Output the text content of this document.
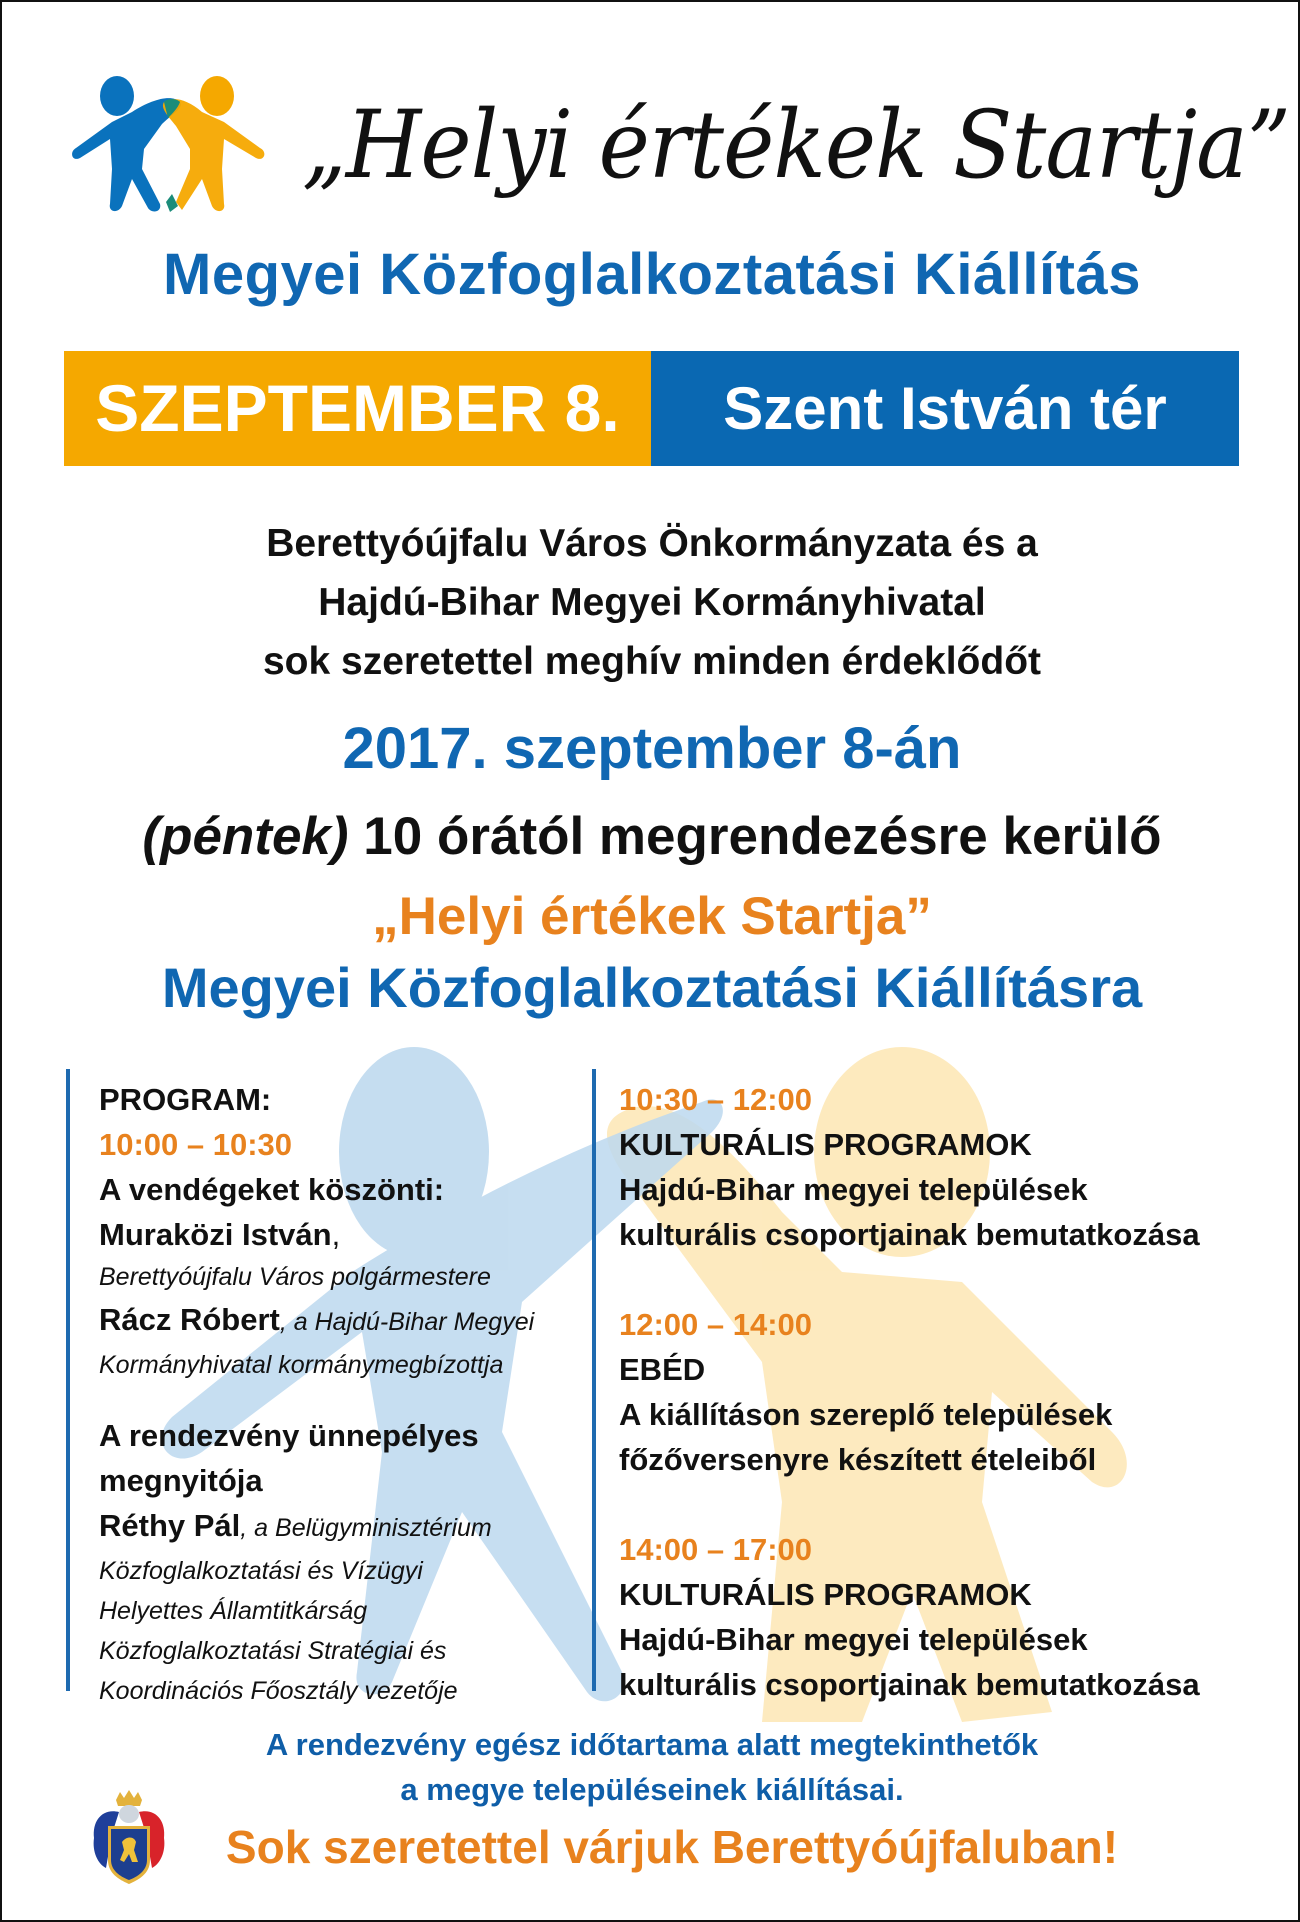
„Helyi értékek Startja”
Megyei Közfoglalkoztatási Kiállítás
SZEPTEMBER 8.	Szent István tér
Berettyóújfalu Város Önkormányzata és a
Hajdú-Bihar Megyei Kormányhivatal
sok szeretettel meghív minden érdeklődőt
2017. szeptember 8-án
(péntek) 10 órától megrendezésre kerülő
„Helyi értékek Startja”
Megyei Közfoglalkoztatási Kiállításra
PROGRAM:
10:00 – 10:30
A vendégeket köszönti:
Muraközi István,
Berettyóújfalu Város polgármestere
Rácz Róbert, a Hajdú-Bihar Megyei
Kormányhivatal kormánymegbízottja
A rendezvény ünnepélyes
megnyitója
Réthy Pál, a Belügyminisztérium
Közfoglalkoztatási és Vízügyi
Helyettes Államtitkárság
Közfoglalkoztatási Stratégiai és
Koordinációs Főosztály vezetője
10:30 – 12:00
KULTURÁLIS PROGRAMOK
Hajdú-Bihar megyei települések
kulturális csoportjainak bemutatkozása
12:00 – 14:00
EBÉD
A kiállításon szereplő települések
főzőversenyre készített ételeiből
14:00 – 17:00
KULTURÁLIS PROGRAMOK
Hajdú-Bihar megyei települések
kulturális csoportjainak bemutatkozása
A rendezvény egész időtartama alatt megtekinthetők
a megye településeinek kiállításai.
Sok szeretettel várjuk Berettyóújfaluban!
